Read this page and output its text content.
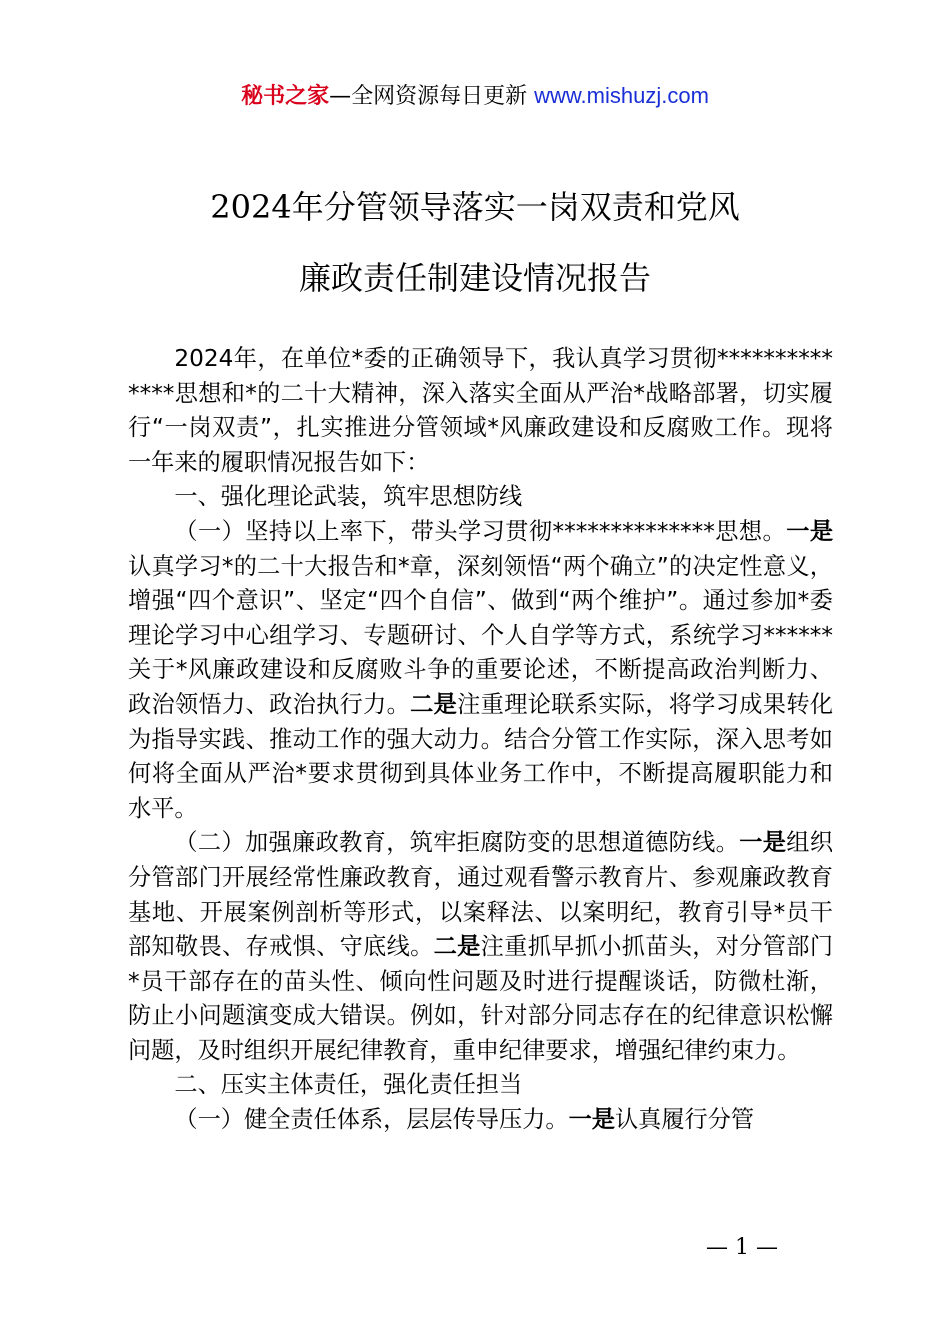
秘书之家—全网资源每日更新 www.mishuzj.com
2024年分管领导落实一岗双责和党风
廉政责任制建设情况报告

2024年，在单位*委的正确领导下，我认真学习贯彻**************思想和*的二十大精神，深入落实全面从严治*战略部署，切实履行“一岗双责”，扎实推进分管领域*风廉政建设和反腐败工作。现将一年来的履职情况报告如下：

一、强化理论武装，筑牢思想防线

（一）坚持以上率下，带头学习贯彻**************思想。一是认真学习*的二十大报告和*章，深刻领悟“两个确立”的决定性意义，增强“四个意识”、坚定“四个自信”、做到“两个维护”。通过参加*委理论学习中心组学习、专题研讨、个人自学等方式，系统学习******关于*风廉政建设和反腐败斗争的重要论述，不断提高政治判断力、政治领悟力、政治执行力。二是注重理论联系实际，将学习成果转化为指导实践、推动工作的强大动力。结合分管工作实际，深入思考如何将全面从严治*要求贯彻到具体业务工作中，不断提高履职能力和水平。

（二）加强廉政教育，筑牢拒腐防变的思想道德防线。一是组织分管部门开展经常性廉政教育，通过观看警示教育片、参观廉政教育基地、开展案例剖析等形式，以案释法、以案明纪，教育引导*员干部知敬畏、存戒惧、守底线。二是注重抓早抓小抓苗头，对分管部门*员干部存在的苗头性、倾向性问题及时进行提醒谈话，防微杜渐，防止小问题演变成大错误。例如，针对部分同志存在的纪律意识松懈问题，及时组织开展纪律教育，重申纪律要求，增强纪律约束力。

二、压实主体责任，强化责任担当

（一）健全责任体系，层层传导压力。一是认真履行分管

— 1 —
